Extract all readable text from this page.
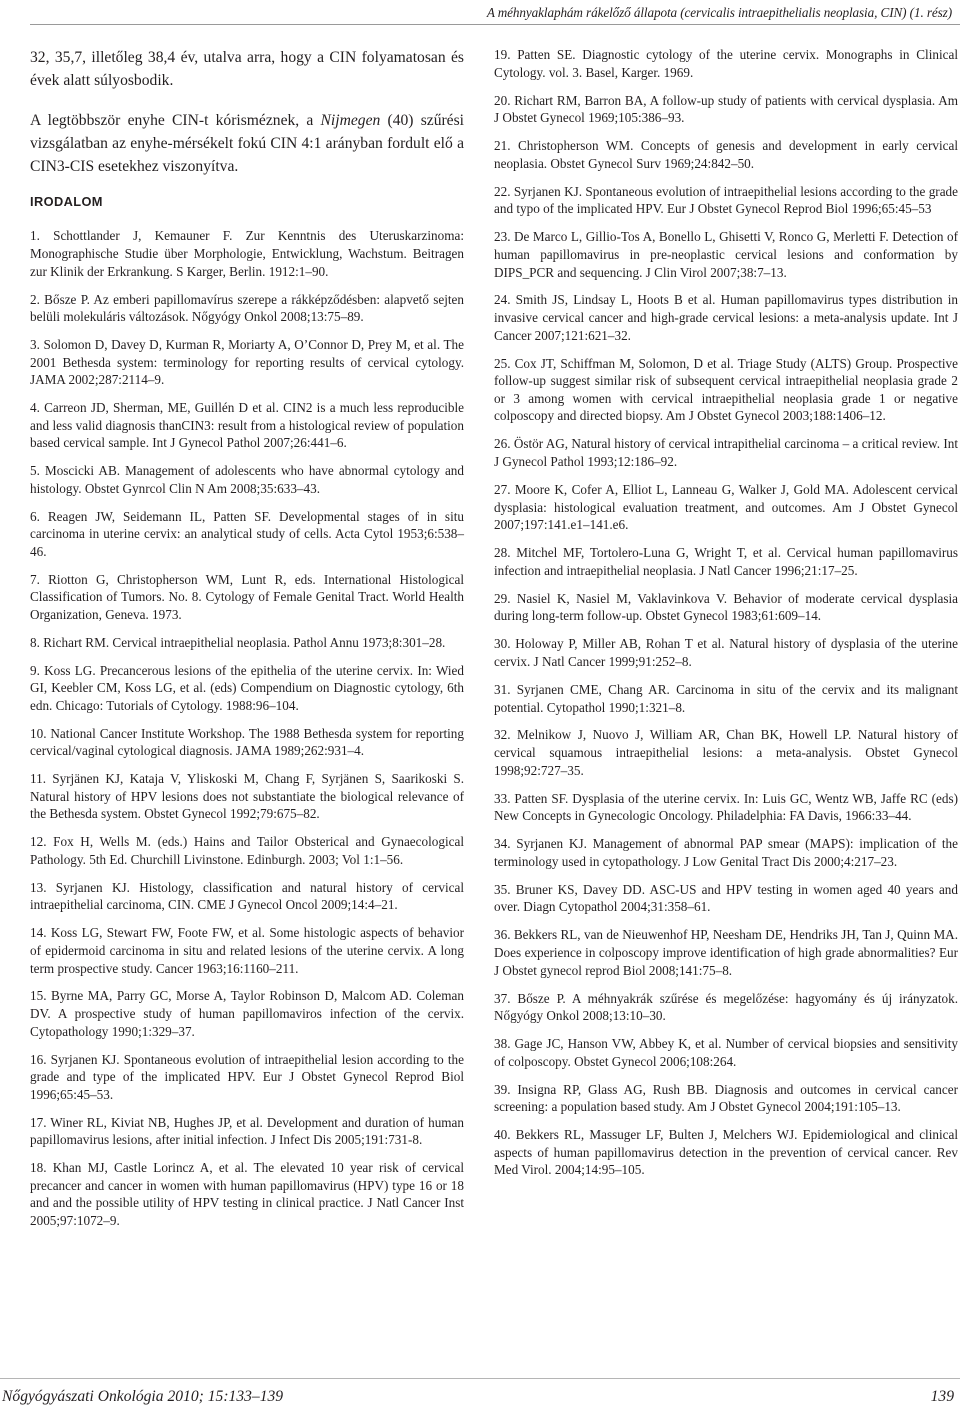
A méhnyaklaphám rákelőző állapota (cervicalis intraepithelialis neoplasia, CIN) (1. rész)

32, 35,7, illetőleg 38,4 év, utalva arra, hogy a CIN folyamatosan és évek alatt súlyosbodik.

A legtöbbször enyhe CIN-t kórisméznek, a Nijmegen (40) szűrési vizsgálatban az enyhe-mérsékelt fokú CIN 4:1 arányban fordult elő a CIN3-CIS esetekhez viszonyítva.

IRODALOM
1. Schottlander J, Kemauner F. Zur Kenntnis des Uteruskarzinoma: Monographische Studie über Morphologie, Entwicklung, Wachstum. Beitragen zur Klinik der Erkrankung. S Karger, Berlin. 1912:1–90.
2. Bősze P. Az emberi papillomavírus szerepe a rákképződésben: alapvető sejten belüli molekuláris változások. Nőgyógy Onkol 2008;13:75–89.
3. Solomon D, Davey D, Kurman R, Moriarty A, O’Connor D, Prey M, et al. The 2001 Bethesda system: terminology for reporting results of cervical cytology. JAMA 2002;287:2114–9.
4. Carreon JD, Sherman, ME, Guillén D et al. CIN2 is a much less reproducible and less valid diagnosis thanCIN3: result from a histological review of population based cervical sample. Int J Gynecol Pathol 2007;26:441–6.
5. Moscicki AB. Management of adolescents who have abnormal cytology and histology. Obstet Gynrcol Clin N Am 2008;35:633–43.
6. Reagen JW, Seidemann IL, Patten SF. Developmental stages of in situ carcinoma in uterine cervix: an analytical study of cells. Acta Cytol 1953;6:538–46.
7. Riotton G, Christopherson WM, Lunt R, eds. International Histological Classification of Tumors. No. 8. Cytology of Female Genital Tract. World Health Organization, Geneva. 1973.
8. Richart RM. Cervical intraepithelial neoplasia. Pathol Annu 1973;8:301–28.
9. Koss LG. Precancerous lesions of the epithelia of the uterine cervix. In: Wied GI, Keebler CM, Koss LG, et al. (eds) Compendium on Diagnostic cytology, 6th edn. Chicago: Tutorials of Cytology. 1988:96–104.
10. National Cancer Institute Workshop. The 1988 Bethesda system for reporting cervical/vaginal cytological diagnosis. JAMA 1989;262:931–4.
11. Syrjänen KJ, Kataja V, Yliskoski M, Chang F, Syrjänen S, Saarikoski S. Natural history of HPV lesions does not substantiate the biological relevance of the Bethesda system. Obstet Gynecol 1992;79:675–82.
12. Fox H, Wells M. (eds.) Hains and Tailor Obsterical and Gynaecological Pathology. 5th Ed. Churchill Livinstone. Edinburgh. 2003; Vol 1:1–56.
13. Syrjanen KJ. Histology, classification and natural history of cervical intraepithelial carcinoma, CIN. CME J Gynecol Oncol 2009;14:4–21.
14. Koss LG, Stewart FW, Foote FW, et al. Some histologic aspects of behavior of epidermoid carcinoma in situ and related lesions of the uterine cervix. A long term prospective study. Cancer 1963;16:1160–211.
15. Byrne MA, Parry GC, Morse A, Taylor Robinson D, Malcom AD. Coleman DV. A prospective study of human papillomaviros infection of the cervix. Cytopathology 1990;1:329–37.
16. Syrjanen KJ. Spontaneous evolution of intraepithelial lesion according to the grade and type of the implicated HPV. Eur J Obstet Gynecol Reprod Biol 1996;65:45–53.
17. Winer RL, Kiviat NB, Hughes JP, et al. Development and duration of human papillomavirus lesions, after initial infection. J Infect Dis 2005;191:731-8.
18. Khan MJ, Castle Lorincz A, et al. The elevated 10 year risk of cervical precancer and cancer in women with human papillomavirus (HPV) type 16 or 18 and and the possible utility of HPV testing in clinical practice. J Natl Cancer Inst 2005;97:1072–9.
19. Patten SE. Diagnostic cytology of the uterine cervix. Monographs in Clinical Cytology. vol. 3. Basel, Karger. 1969.
20. Richart RM, Barron BA, A follow-up study of patients with cervical dysplasia. Am J Obstet Gynecol 1969;105:386–93.
21. Christopherson WM. Concepts of genesis and development in early cervical neoplasia. Obstet Gynecol Surv 1969;24:842–50.
22. Syrjanen KJ. Spontaneous evolution of intraepithelial lesions according to the grade and typo of the implicated HPV. Eur J Obstet Gynecol Reprod Biol 1996;65:45–53
23. De Marco L, Gillio-Tos A, Bonello L, Ghisetti V, Ronco G, Merletti F. Detection of human papillomavirus in pre-neoplastic cervical lesions and conformation by DIPS_PCR and sequencing. J Clin Virol 2007;38:7–13.
24. Smith JS, Lindsay L, Hoots B et al. Human papillomavirus types distribution in invasive cervical cancer and high-grade cervical lesions: a meta-analysis update. Int J Cancer 2007;121:621–32.
25. Cox JT, Schiffman M, Solomon, D et al. Triage Study (ALTS) Group. Prospective follow-up suggest similar risk of subsequent cervical intraepithelial neoplasia grade 2 or 3 among women with cervical intraepithelial neoplasia grade 1 or negative colposcopy and directed biopsy. Am J Obstet Gynecol 2003;188:1406–12.
26. Östör AG, Natural history of cervical intrapithelial carcinoma – a critical review. Int J Gynecol Pathol 1993;12:186–92.
27. Moore K, Cofer A, Elliot L, Lanneau G, Walker J, Gold MA. Adolescent cervical dysplasia: histological evaluation treatment, and outcomes. Am J Obstet Gynecol 2007;197:141.e1–141.e6.
28. Mitchel MF, Tortolero-Luna G, Wright T, et al. Cervical human papillomavirus infection and intraepithelial neoplasia. J Natl Cancer 1996;21:17–25.
29. Nasiel K, Nasiel M, Vaklavinkova V. Behavior of moderate cervical dysplasia during long-term follow-up. Obstet Gynecol 1983;61:609–14.
30. Holoway P, Miller AB, Rohan T et al. Natural history of dysplasia of the uterine cervix. J Natl Cancer 1999;91:252–8.
31. Syrjanen CME, Chang AR. Carcinoma in situ of the cervix and its malignant potential. Cytopathol 1990;1:321–8.
32. Melnikow J, Nuovo J, William AR, Chan BK, Howell LP. Natural history of cervical squamous intraepithelial lesions: a meta-analysis. Obstet Gynecol 1998;92:727–35.
33. Patten SF. Dysplasia of the uterine cervix. In: Luis GC, Wentz WB, Jaffe RC (eds) New Concepts in Gynecologic Oncology. Philadelphia: FA Davis, 1966:33–44.
34. Syrjanen KJ. Management of abnormal PAP smear (MAPS): implication of the terminology used in cytopathology. J Low Genital Tract Dis 2000;4:217–23.
35. Bruner KS, Davey DD. ASC-US and HPV testing in women aged 40 years and over. Diagn Cytopathol 2004;31:358–61.
36. Bekkers RL, van de Nieuwenhof HP, Neesham DE, Hendriks JH, Tan J, Quinn MA. Does experience in colposcopy improve identification of high grade abnormalities? Eur J Obstet gynecol reprod Biol 2008;141:75–8.
37. Bősze P. A méhnyakrák szűrése és megelőzése: hagyomány és új irányzatok. Nőgyógy Onkol 2008;13:10–30.
38. Gage JC, Hanson VW, Abbey K, et al. Number of cervical biopsies and sensitivity of colposcopy. Obstet Gynecol 2006;108:264.
39. Insigna RP, Glass AG, Rush BB. Diagnosis and outcomes in cervical cancer screening: a population based study. Am J Obstet Gynecol 2004;191:105–13.
40. Bekkers RL, Massuger LF, Bulten J, Melchers WJ. Epidemiological and clinical aspects of human papillomavirus detection in the prevention of cervical cancer. Rev Med Virol. 2004;14:95–105.
Nőgyógyászati Onkológia 2010; 15:133–139	139
